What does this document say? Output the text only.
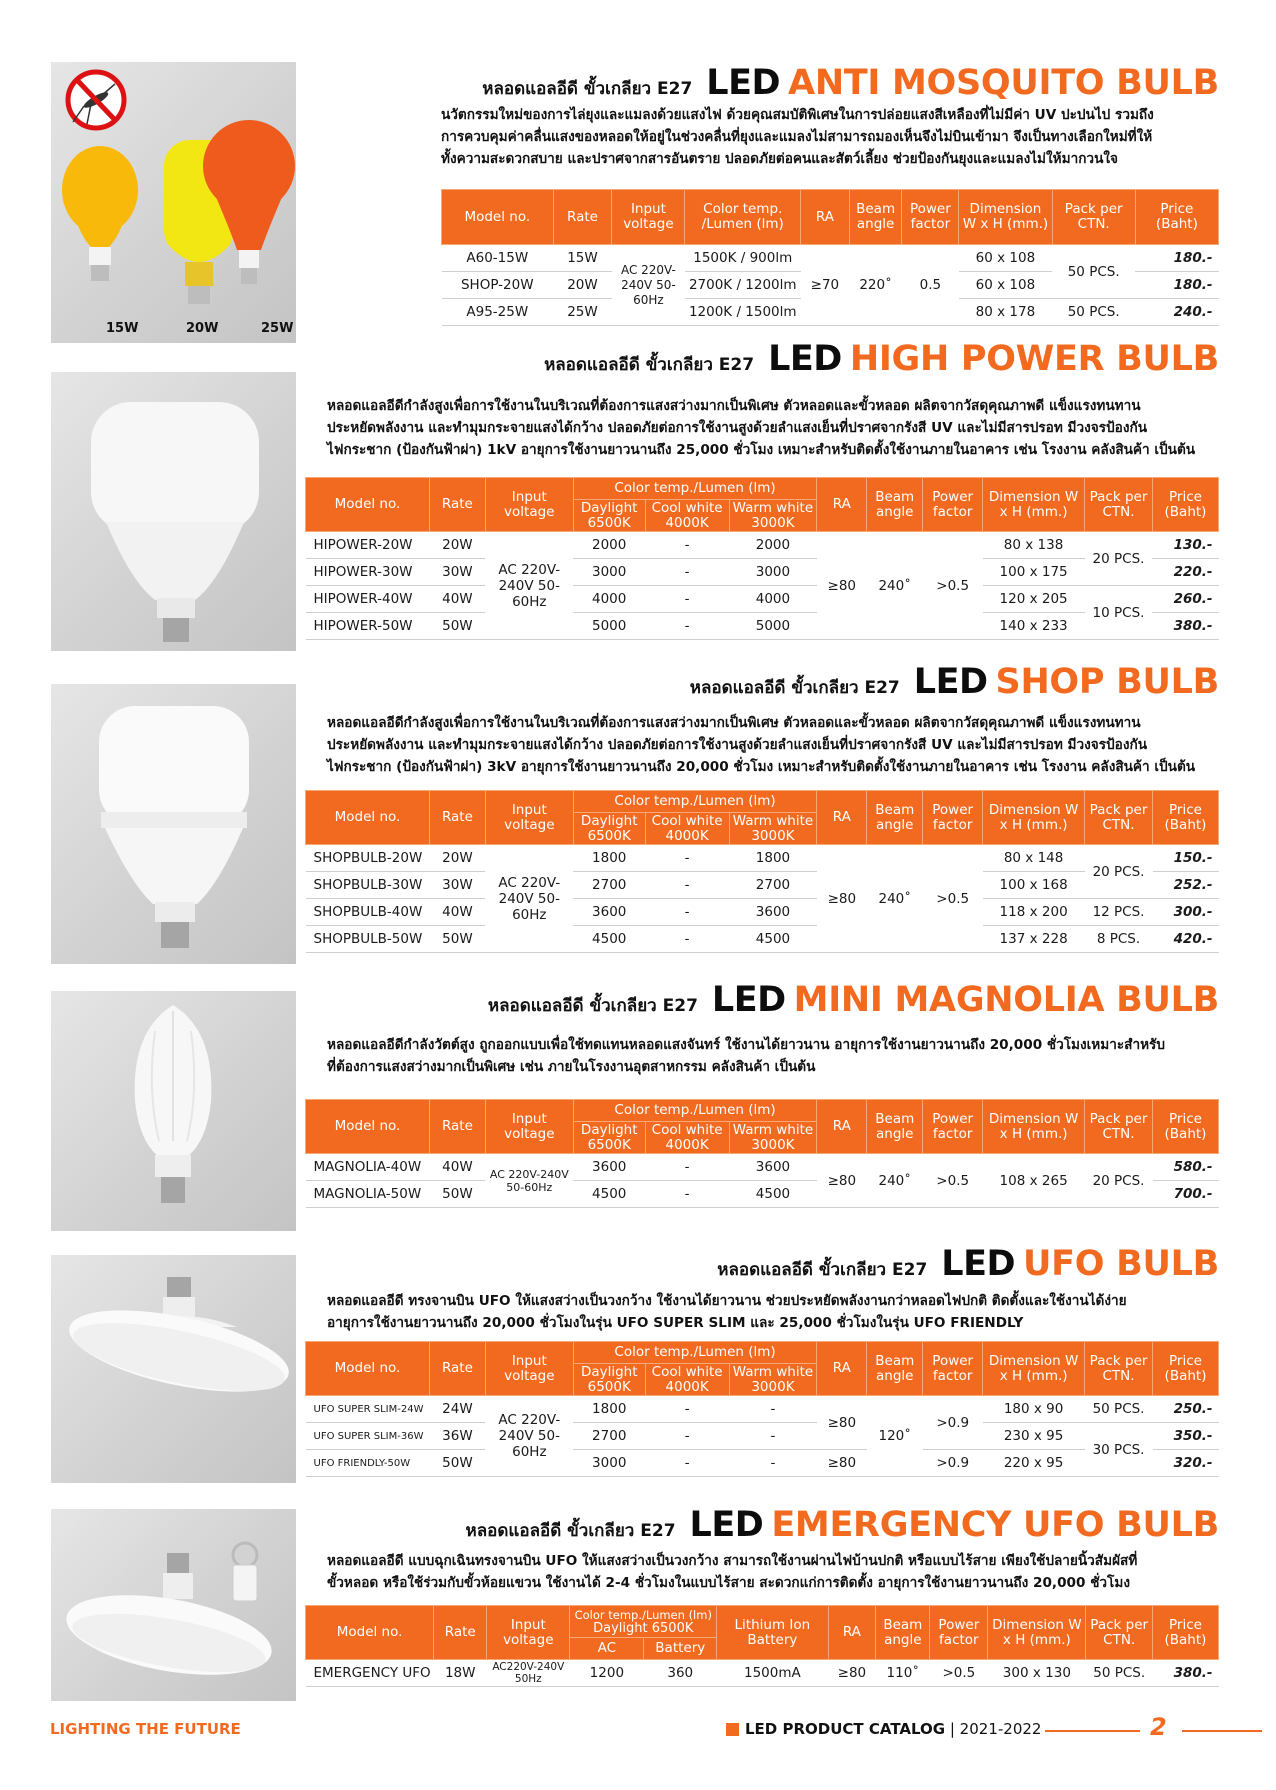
15W	20W	25W
หลอดแอลอีดี ขั้วเกลียว E27 LED ANTI MOSQUITO BULB

นวัตกรรมใหม่ของการไล่ยุงและแมลงด้วยแสงไฟ ด้วยคุณสมบัติพิเศษในการปล่อยแสงสีเหลืองที่ไม่มีค่า UV ปะปนไป รวมถึง

การควบคุมค่าคลื่นแสงของหลอดให้อยู่ในช่วงคลื่นที่ยุงและแมลงไม่สามารถมองเห็นจึงไม่บินเข้ามา จึงเป็นทางเลือกใหม่ที่ให้

ทั้งความสะดวกสบาย และปราศจากสารอันตราย ปลอดภัยต่อคนและสัตว์เลี้ยง ช่วยป้องกันยุงและแมลงไม่ให้มากวนใจ

Model no.	Rate	Input voltage	Color temp. /Lumen (lm)	RA	Beam angle	Power factor	Dimension W x H (mm.)	Pack per CTN.	Price (Baht)
A60-15W	15W	AC 220V-240V 50-60Hz	1500K / 900lm	≥70	220˚	0.5	60 x 108	50 PCS.	180.-
SHOP-20W	20W		2700K / 1200lm				60 x 108		180.-
A95-25W	25W		1200K / 1500lm				80 x 178	50 PCS.	240.-
หลอดแอลอีดี ขั้วเกลียว E27 LED HIGH POWER BULB

หลอดแอลอีดีกำลังสูงเพื่อการใช้งานในบริเวณที่ต้องการแสงสว่างมากเป็นพิเศษ ตัวหลอดและขั้วหลอด ผลิตจากวัสดุคุณภาพดี แข็งแรงทนทาน

ประหยัดพลังงาน และทำมุมกระจายแสงได้กว้าง ปลอดภัยต่อการใช้งานสูงด้วยลำแสงเย็นที่ปราศจากรังสี UV และไม่มีสารปรอท มีวงจรป้องกัน

ไฟกระชาก (ป้องกันฟ้าผ่า) 1kV อายุการใช้งานยาวนานถึง 25,000 ชั่วโมง เหมาะสำหรับติดตั้งใช้งานภายในอาคาร เช่น โรงงาน คลังสินค้า เป็นต้น

Model no.	Rate	Input voltage	Color temp./Lumen (lm)			RA	Beam angle	Power factor	Dimension W x H (mm.)	Pack per CTN.	Price (Baht)
			Daylight 6500K	Cool white 4000K	Warm white 3000K						
HIPOWER-20W	20W	AC 220V-240V 50-60Hz	2000	-	2000	≥80	240˚	>0.5	80 x 138	20 PCS.	130.-
HIPOWER-30W	30W		3000	-	3000				100 x 175		220.-
HIPOWER-40W	40W		4000	-	4000				120 x 205	10 PCS.	260.-
HIPOWER-50W	50W		5000	-	5000				140 x 233		380.-
หลอดแอลอีดี ขั้วเกลียว E27 LED SHOP BULB

หลอดแอลอีดีกำลังสูงเพื่อการใช้งานในบริเวณที่ต้องการแสงสว่างมากเป็นพิเศษ ตัวหลอดและขั้วหลอด ผลิตจากวัสดุคุณภาพดี แข็งแรงทนทาน

ประหยัดพลังงาน และทำมุมกระจายแสงได้กว้าง ปลอดภัยต่อการใช้งานสูงด้วยลำแสงเย็นที่ปราศจากรังสี UV และไม่มีสารปรอท มีวงจรป้องกัน

ไฟกระชาก (ป้องกันฟ้าผ่า) 3kV อายุการใช้งานยาวนานถึง 20,000 ชั่วโมง เหมาะสำหรับติดตั้งใช้งานภายในอาคาร เช่น โรงงาน คลังสินค้า เป็นต้น

Model no.	Rate	Input voltage	Color temp./Lumen (lm)			RA	Beam angle	Power factor	Dimension W x H (mm.)	Pack per CTN.	Price (Baht)
			Daylight 6500K	Cool white 4000K	Warm white 3000K						
SHOPBULB-20W	20W	AC 220V-240V 50-60Hz	1800	-	1800	≥80	240˚	>0.5	80 x 148	20 PCS.	150.-
SHOPBULB-30W	30W		2700	-	2700				100 x 168		252.-
SHOPBULB-40W	40W		3600	-	3600				118 x 200	12 PCS.	300.-
SHOPBULB-50W	50W		4500	-	4500				137 x 228	8 PCS.	420.-
หลอดแอลอีดี ขั้วเกลียว E27 LED MINI MAGNOLIA BULB

หลอดแอลอีดีกำลังวัตต์สูง ถูกออกแบบเพื่อใช้ทดแทนหลอดแสงจันทร์ ใช้งานได้ยาวนาน อายุการใช้งานยาวนานถึง 20,000 ชั่วโมงเหมาะสำหรับ

ที่ต้องการแสงสว่างมากเป็นพิเศษ เช่น ภายในโรงงานอุตสาหกรรม คลังสินค้า เป็นต้น

Model no.	Rate	Input voltage	Color temp./Lumen (lm)			RA	Beam angle	Power factor	Dimension W x H (mm.)	Pack per CTN.	Price (Baht)
			Daylight 6500K	Cool white 4000K	Warm white 3000K						
MAGNOLIA-40W	40W	AC 220V-240V 50-60Hz	3600	-	3600	≥80	240˚	>0.5	108 x 265	20 PCS.	580.-
MAGNOLIA-50W	50W		4500	-	4500						700.-
หลอดแอลอีดี ขั้วเกลียว E27 LED UFO BULB

หลอดแอลอีดี ทรงจานบิน UFO ให้แสงสว่างเป็นวงกว้าง ใช้งานได้ยาวนาน ช่วยประหยัดพลังงานกว่าหลอดไฟปกติ ติดตั้งและใช้งานได้ง่าย

อายุการใช้งานยาวนานถึง 20,000 ชั่วโมงในรุ่น UFO SUPER SLIM และ 25,000 ชั่วโมงในรุ่น UFO FRIENDLY

Model no.	Rate	Input voltage	Color temp./Lumen (lm)			RA	Beam angle	Power factor	Dimension W x H (mm.)	Pack per CTN.	Price (Baht)
			Daylight 6500K	Cool white 4000K	Warm white 3000K						
UFO SUPER SLIM-24W	24W	AC 220V-240V 50-60Hz	1800	-	-	≥80	120˚	>0.9	180 x 90	50 PCS.	250.-
UFO SUPER SLIM-36W	36W		2700	-	-				230 x 95	30 PCS.	350.-
UFO FRIENDLY-50W	50W		3000	-	-	≥80		>0.9	220 x 95		320.-
หลอดแอลอีดี ขั้วเกลียว E27 LED EMERGENCY UFO BULB

หลอดแอลอีดี แบบฉุกเฉินทรงจานบิน UFO ให้แสงสว่างเป็นวงกว้าง สามารถใช้งานผ่านไฟบ้านปกติ หรือแบบไร้สาย เพียงใช้ปลายนิ้วสัมผัสที่

ขั้วหลอด หรือใช้ร่วมกับขั้วห้อยแขวน ใช้งานได้ 2-4 ชั่วโมงในแบบไร้สาย สะดวกแก่การติดตั้ง อายุการใช้งานยาวนานถึง 20,000 ชั่วโมง

Model no.	Rate	Input voltage	Color temp./Lumen (lm)
Daylight 6500K		Lithium Ion Battery	RA	Beam angle	Power factor	Dimension W x H (mm.)	Pack per CTN.	Price (Baht)
			AC	Battery							
EMERGENCY UFO	18W	AC220V-240V 50Hz	1200	360	1500mA	≥80	110˚	>0.5	300 x 130	50 PCS.	380.-
LIGHTING THE FUTURE	LED PRODUCT CATALOG | 2021-2022	2
